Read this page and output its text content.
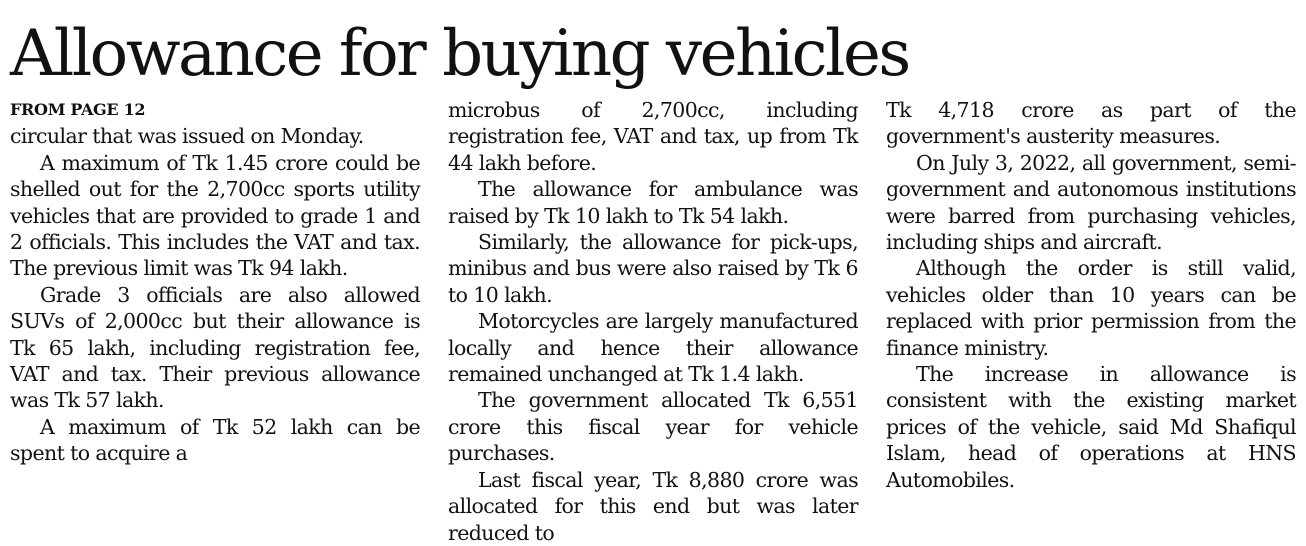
Allowance for buying vehicles
FROM PAGE 12

circular that was issued on Monday.

A maximum of Tk 1.45 crore could be shelled out for the 2,700cc sports utility vehicles that are provided to grade 1 and 2 officials. This includes the VAT and tax. The previous limit was Tk 94 lakh.

Grade 3 officials are also allowed SUVs of 2,000cc but their allowance is Tk 65 lakh, including registration fee, VAT and tax. Their previous allowance was Tk 57 lakh.

A maximum of Tk 52 lakh can be spent to acquire a

microbus of 2,700cc, including registration fee, VAT and tax, up from Tk 44 lakh before.

The allowance for ambulance was raised by Tk 10 lakh to Tk 54 lakh.

Similarly, the allowance for pick-ups, minibus and bus were also raised by Tk 6 to 10 lakh.

Motorcycles are largely manufactured locally and hence their allowance remained unchanged at Tk 1.4 lakh.

The government allocated Tk 6,551 crore this fiscal year for vehicle purchases.

Last fiscal year, Tk 8,880 crore was allocated for this end but was later reduced to

Tk 4,718 crore as part of the government's austerity measures.

On July 3, 2022, all government, semi-government and autonomous institutions were barred from purchasing vehicles, including ships and aircraft.

Although the order is still valid, vehicles older than 10 years can be replaced with prior permission from the finance ministry.

The increase in allowance is consistent with the existing market prices of the vehicle, said Md Shafiqul Islam, head of operations at HNS Automobiles.
